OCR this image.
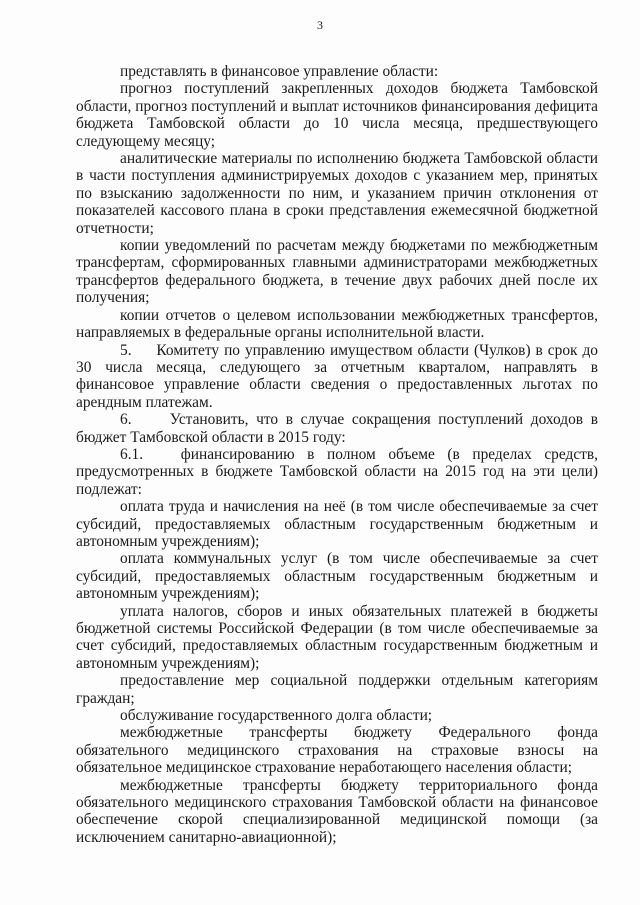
3

представлять в финансовое управление области:

прогноз поступлений закрепленных доходов бюджета Тамбовской области, прогноз поступлений и выплат источников финансирования дефицита бюджета Тамбовской области до 10 числа месяца, предшествующего следующему месяцу;

аналитические материалы по исполнению бюджета Тамбовской области в части поступления администрируемых доходов с указанием мер, принятых по взысканию задолженности по ним, и указанием причин отклонения от показателей кассового плана в сроки представления ежемесячной бюджетной отчетности;

копии уведомлений по расчетам между бюджетами по межбюджетным трансфертам, сформированных главными администраторами межбюджетных трансфертов федерального бюджета, в течение двух рабочих дней после их получения;

копии отчетов о целевом использовании межбюджетных трансфертов, направляемых в федеральные органы исполнительной власти.

5.     Комитету по управлению имуществом области (Чулков) в срок до 30 числа месяца, следующего за отчетным кварталом, направлять в финансовое управление области сведения о предоставленных льготах по арендным платежам.

6.     Установить, что в случае сокращения поступлений доходов в бюджет Тамбовской области в 2015 году:

6.1.   финансированию в полном объеме (в пределах средств, предусмотренных в бюджете Тамбовской области на 2015 год на эти цели) подлежат:

оплата труда и начисления на неё (в том числе обеспечиваемые за счет субсидий, предоставляемых областным государственным бюджетным и автономным учреждениям);

оплата коммунальных услуг (в том числе обеспечиваемые за счет субсидий, предоставляемых областным государственным бюджетным и автономным учреждениям);

уплата налогов, сборов и иных обязательных платежей в бюджеты бюджетной системы Российской Федерации (в том числе обеспечиваемые за счет субсидий, предоставляемых областным государственным бюджетным и автономным учреждениям);

предоставление мер социальной поддержки отдельным категориям граждан;

обслуживание государственного долга области;

межбюджетные трансферты бюджету Федерального фонда обязательного медицинского страхования на страховые взносы на обязательное медицинское страхование неработающего населения области;

межбюджетные трансферты бюджету территориального фонда обязательного медицинского страхования Тамбовской области на финансовое обеспечение скорой специализированной медицинской помощи (за исключением санитарно-авиационной);
